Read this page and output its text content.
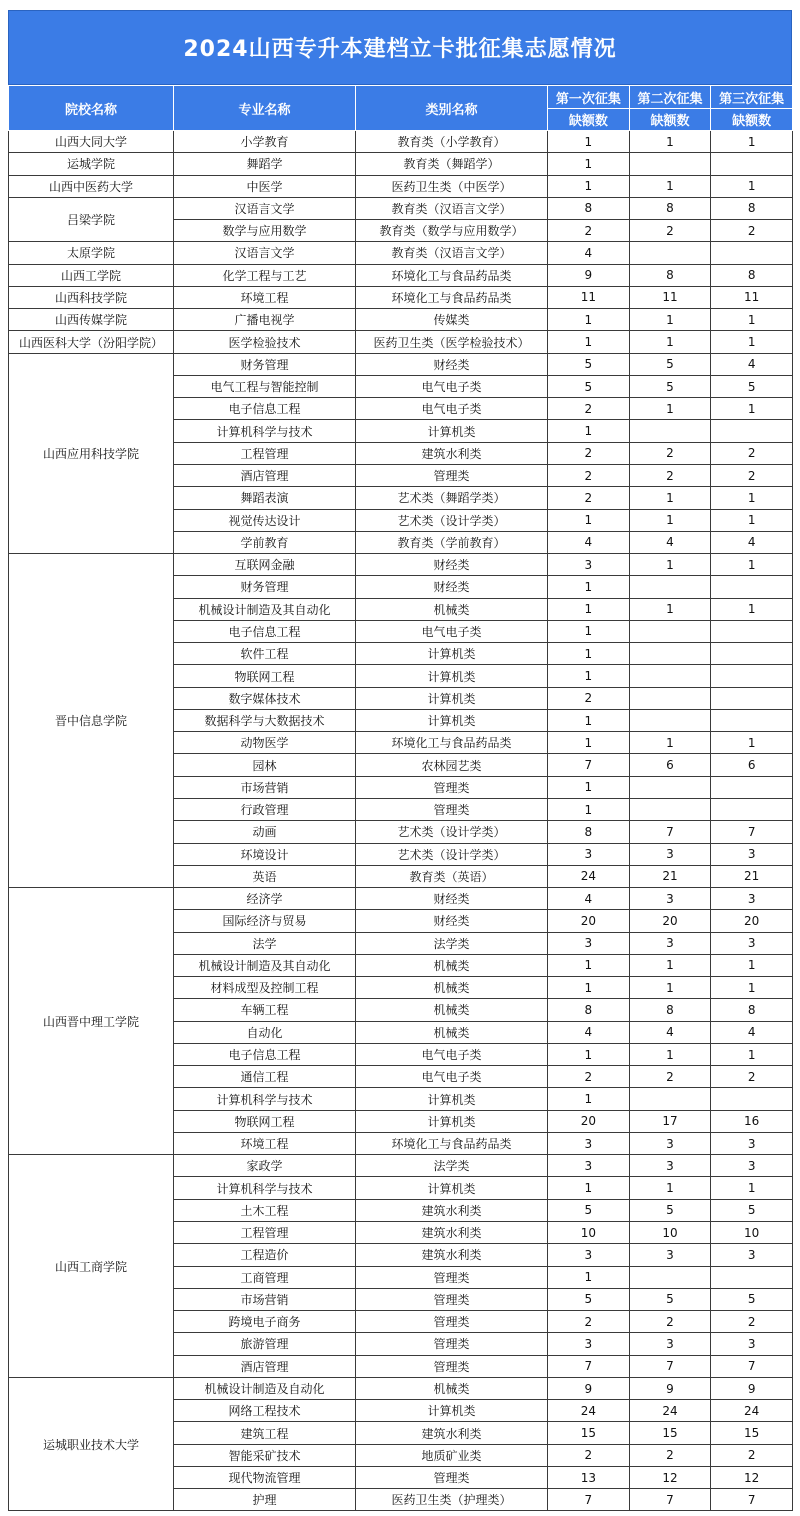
2024山西专升本建档立卡批征集志愿情况
院校名称	专业名称	类别名称	第一次征集	第二次征集	第三次征集
			缺额数	缺额数	缺额数
山西大同大学	小学教育	教育类（小学教育）	1	1	1
运城学院	舞蹈学	教育类（舞蹈学）	1		
山西中医药大学	中医学	医药卫生类（中医学）	1	1	1
吕梁学院	汉语言文学	教育类（汉语言文学）	8	8	8
	数学与应用数学	教育类（数学与应用数学）	2	2	2
太原学院	汉语言文学	教育类（汉语言文学）	4		
山西工学院	化学工程与工艺	环境化工与食品药品类	9	8	8
山西科技学院	环境工程	环境化工与食品药品类	11	11	11
山西传媒学院	广播电视学	传媒类	1	1	1
山西医科大学（汾阳学院）	医学检验技术	医药卫生类（医学检验技术）	1	1	1
山西应用科技学院	财务管理	财经类	5	5	4
	电气工程与智能控制	电气电子类	5	5	5
	电子信息工程	电气电子类	2	1	1
	计算机科学与技术	计算机类	1		
	工程管理	建筑水利类	2	2	2
	酒店管理	管理类	2	2	2
	舞蹈表演	艺术类（舞蹈学类）	2	1	1
	视觉传达设计	艺术类（设计学类）	1	1	1
	学前教育	教育类（学前教育）	4	4	4
晋中信息学院	互联网金融	财经类	3	1	1
	财务管理	财经类	1		
	机械设计制造及其自动化	机械类	1	1	1
	电子信息工程	电气电子类	1		
	软件工程	计算机类	1		
	物联网工程	计算机类	1		
	数字媒体技术	计算机类	2		
	数据科学与大数据技术	计算机类	1		
	动物医学	环境化工与食品药品类	1	1	1
	园林	农林园艺类	7	6	6
	市场营销	管理类	1		
	行政管理	管理类	1		
	动画	艺术类（设计学类）	8	7	7
	环境设计	艺术类（设计学类）	3	3	3
	英语	教育类（英语）	24	21	21
山西晋中理工学院	经济学	财经类	4	3	3
	国际经济与贸易	财经类	20	20	20
	法学	法学类	3	3	3
	机械设计制造及其自动化	机械类	1	1	1
	材料成型及控制工程	机械类	1	1	1
	车辆工程	机械类	8	8	8
	自动化	机械类	4	4	4
	电子信息工程	电气电子类	1	1	1
	通信工程	电气电子类	2	2	2
	计算机科学与技术	计算机类	1		
	物联网工程	计算机类	20	17	16
	环境工程	环境化工与食品药品类	3	3	3
山西工商学院	家政学	法学类	3	3	3
	计算机科学与技术	计算机类	1	1	1
	土木工程	建筑水利类	5	5	5
	工程管理	建筑水利类	10	10	10
	工程造价	建筑水利类	3	3	3
	工商管理	管理类	1		
	市场营销	管理类	5	5	5
	跨境电子商务	管理类	2	2	2
	旅游管理	管理类	3	3	3
	酒店管理	管理类	7	7	7
运城职业技术大学	机械设计制造及自动化	机械类	9	9	9
	网络工程技术	计算机类	24	24	24
	建筑工程	建筑水利类	15	15	15
	智能采矿技术	地质矿业类	2	2	2
	现代物流管理	管理类	13	12	12
	护理	医药卫生类（护理类）	7	7	7
